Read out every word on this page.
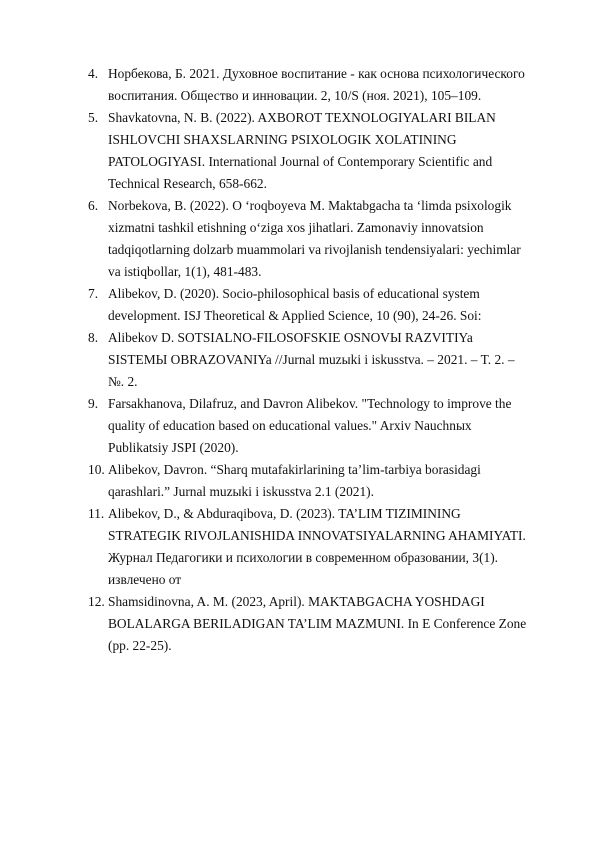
4. Норбекова, Б. 2021. Духовное воспитание - как основа психологического воспитания. Общество и инновации. 2, 10/S (ноя. 2021), 105–109.
5. Shavkatovna, N. B. (2022). AXBOROT TEXNOLOGIYALARI BILAN ISHLOVCHI SHAXSLARNING PSIXOLOGIK XOLATINING PATOLOGIYASI. International Journal of Contemporary Scientific and Technical Research, 658-662.
6. Norbekova, B. (2022). O ‘roqboyeva M. Maktabgacha ta ‘limda psixologik xizmatni tashkil etishning o‘ziga xos jihatlari. Zamonaviy innovatsion tadqiqotlarning dolzarb muammolari va rivojlanish tendensiyalari: yechimlar va istiqbollar, 1(1), 481-483.
7. Alibekov, D. (2020). Socio-philosophical basis of educational system development. ISJ Theoretical & Applied Science, 10 (90), 24-26. Soi:
8. Alibekov D. SOTSIALNO-FILOSOFSKIE OSNOVЫ RAZVITIYa SISTEMЫ OBRAZOVANIYa //Jurnal muzыki i iskusstva. – 2021. – T. 2. – №. 2.
9. Farsakhanova, Dilafruz, and Davron Alibekov. "Technology to improve the quality of education based on educational values." Arxiv Nauchnыx Publikatsiy JSPI (2020).
10. Alibekov, Davron. “Sharq mutafakirlarining ta’lim-tarbiya borasidagi qarashlari.” Jurnal muzыki i iskusstva 2.1 (2021).
11. Alibekov, D., & Abduraqibova, D. (2023). TA’LIM TIZIMINING STRATEGIK RIVOJLANISHIDA INNOVATSIYALARNING AHAMIYATI. Журнал Педагогики и психологии в современном образовании, 3(1). извлечено от
12. Shamsidinovna, A. M. (2023, April). MAKTABGACHA YOSHDAGI BOLALARGA BERILADIGAN TA’LIM MAZMUNI. In E Conference Zone (pp. 22-25).
